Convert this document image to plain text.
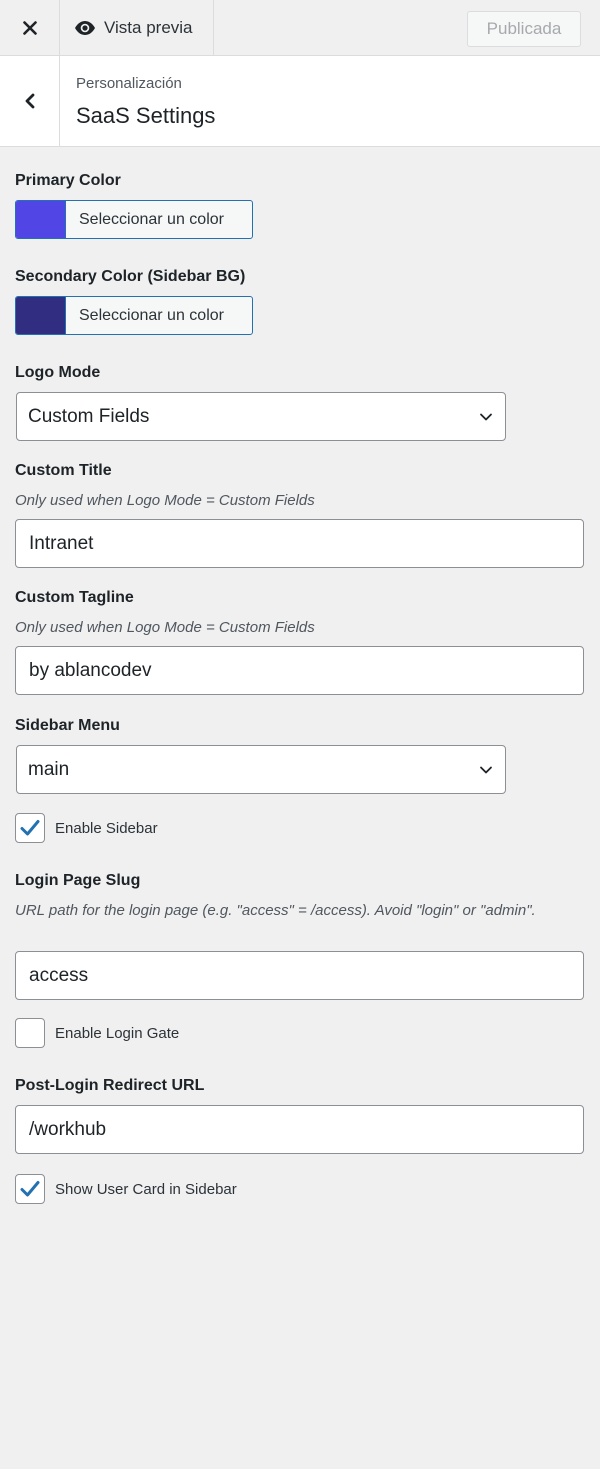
Vista previa	Publicada
Personalización
SaaS Settings
Primary Color
Seleccionar un color
Secondary Color (Sidebar BG)
Seleccionar un color
Logo Mode
Custom Fields
Custom Title
Only used when Logo Mode = Custom Fields
Intranet
Custom Tagline
Only used when Logo Mode = Custom Fields
by ablancodev
Sidebar Menu
main
Enable Sidebar
Login Page Slug
URL path for the login page (e.g. "access" = /access). Avoid "login" or "admin".
access
Enable Login Gate
Post-Login Redirect URL
/workhub
Show User Card in Sidebar
